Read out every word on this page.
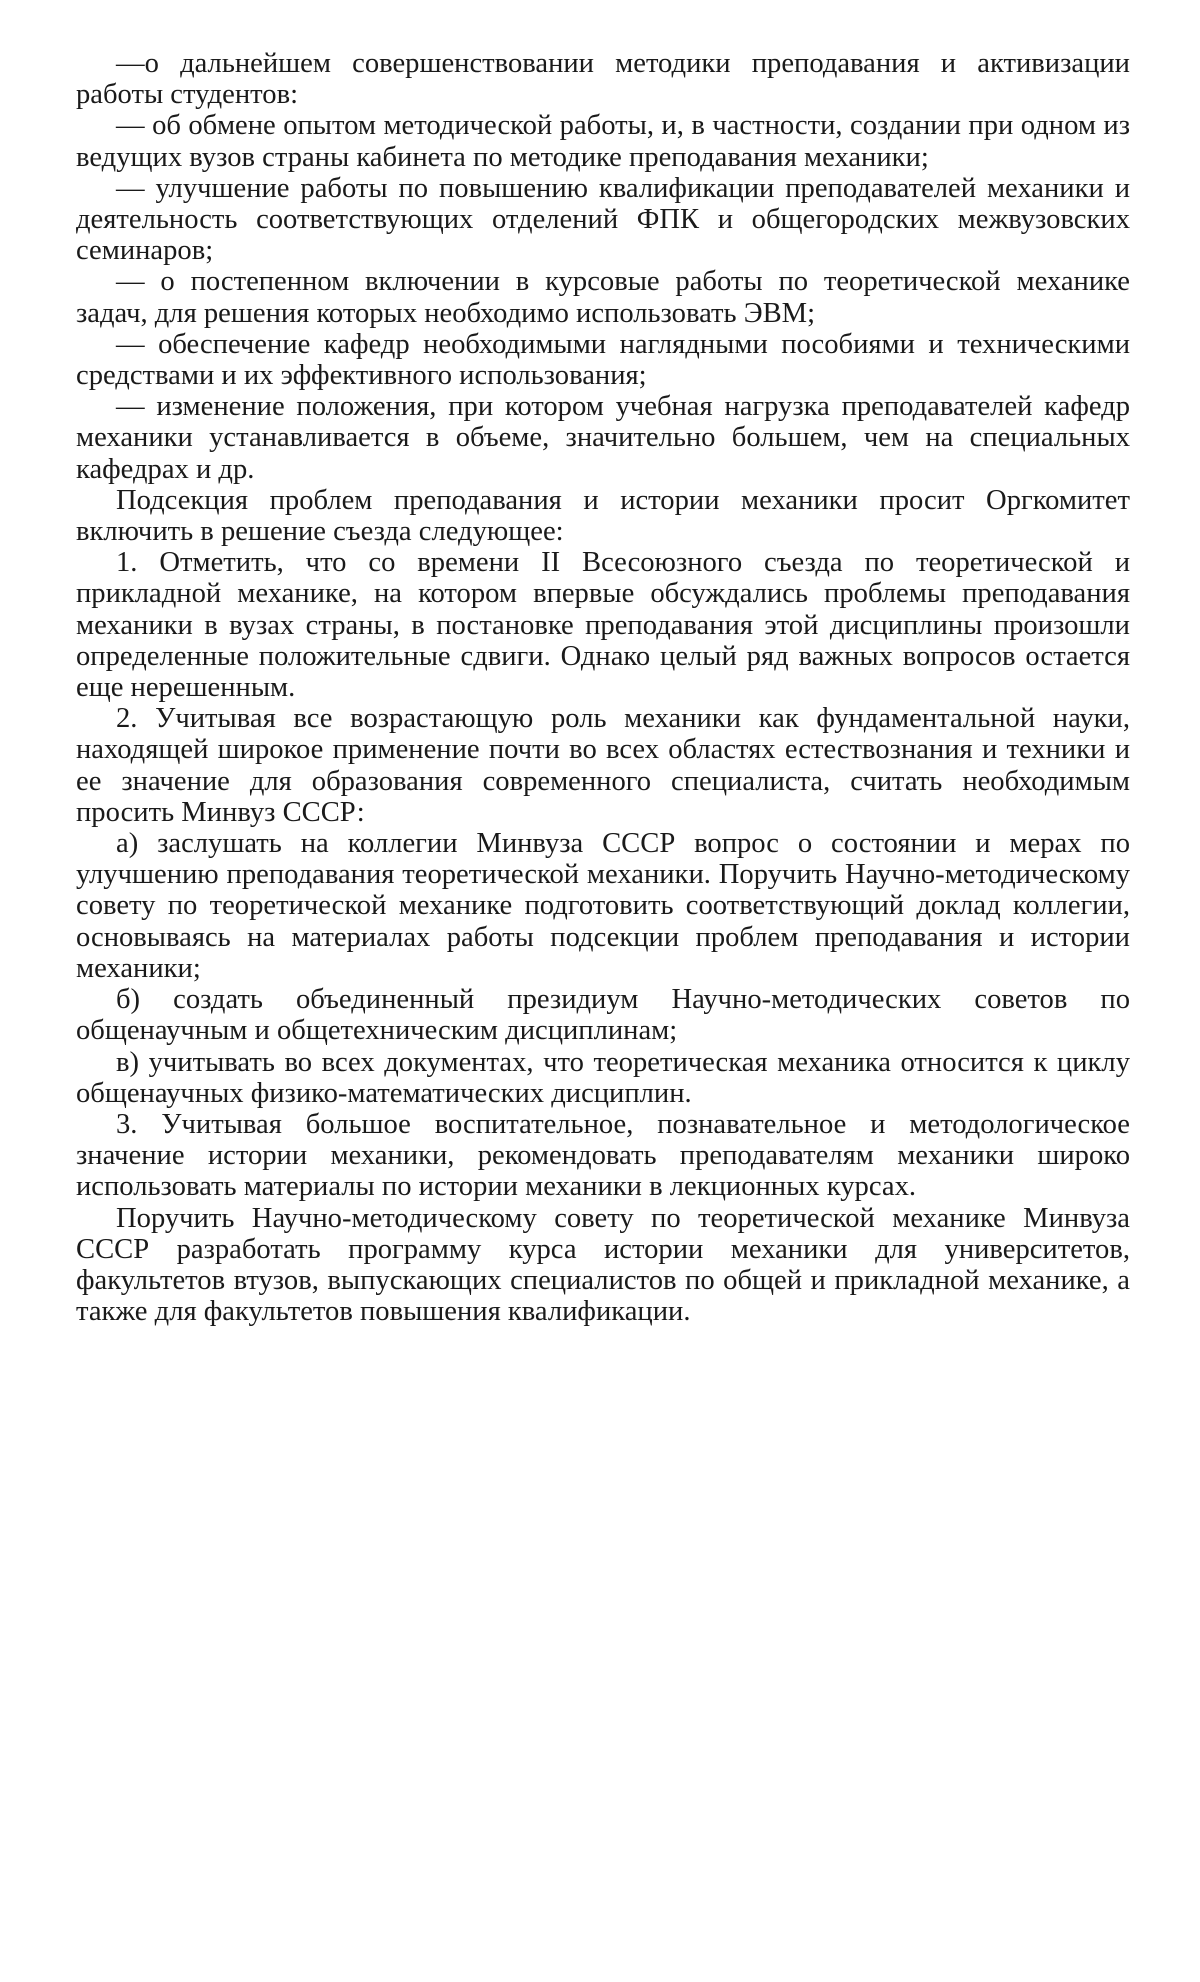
—о дальнейшем совершенствовании методики преподавания и активизации работы студентов:

— об обмене опытом методической работы, и, в частности, создании при одном из ведущих вузов страны кабинета по методике преподавания механики;

— улучшение работы по повышению квалификации преподавателей механики и деятельность соответствующих отделений ФПК и общегородских межвузовских семинаров;

— о постепенном включении в курсовые работы по теоретической механике задач, для решения которых необходимо использовать ЭВМ;

— обеспечение кафедр необходимыми наглядными пособиями и техническими средствами и их эффективного использования;

— изменение положения, при котором учебная нагрузка преподавателей кафедр механики устанавливается в объеме, значительно большем, чем на специальных кафедрах и др.

Подсекция проблем преподавания и истории механики просит Оргкомитет включить в решение съезда следующее:

1. Отметить, что со времени II Всесоюзного съезда по теоретической и прикладной механике, на котором впервые обсуждались проблемы преподавания механики в вузах страны, в постановке преподавания этой дисциплины произошли определенные положительные сдвиги. Однако целый ряд важных вопросов остается еще нерешенным.

2. Учитывая все возрастающую роль механики как фундаментальной науки, находящей широкое применение почти во всех областях естествознания и техники и ее значение для образования современного специалиста, считать необходимым просить Минвуз СССР:

а) заслушать на коллегии Минвуза СССР вопрос о состоянии и мерах по улучшению преподавания теоретической механики. Поручить Научно-методическому совету по теоретической механике подготовить соответствующий доклад коллегии, основываясь на материалах работы подсекции проблем преподавания и истории механики;

б) создать объединенный президиум Научно-методических советов по общенаучным и общетехническим дисциплинам;

в) учитывать во всех документах, что теоретическая механика относится к циклу общенаучных физико-математических дисциплин.

3. Учитывая большое воспитательное, познавательное и методологическое значение истории механики, рекомендовать преподавателям механики широко использовать материалы по истории механики в лекционных курсах.

Поручить Научно-методическому совету по теоретической механике Минвуза СССР разработать программу курса истории механики для университетов, факультетов втузов, выпускающих специалистов по общей и прикладной механике, а также для факультетов повышения квалификации.
